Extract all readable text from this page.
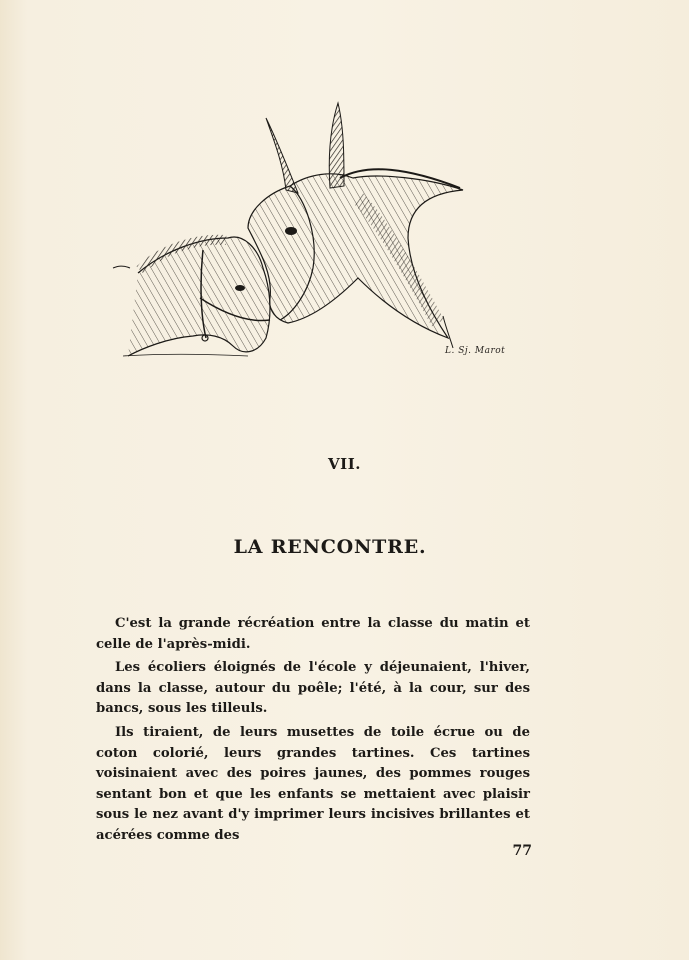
L. Sj. Marot
VII.
LA RENCONTRE.

C'est la grande récréation entre la classe du matin et celle de l'après-midi.

Les écoliers éloignés de l'école y déjeunaient, l'hiver, dans la classe, autour du poêle; l'été, à la cour, sur des bancs, sous les tilleuls.

Ils tiraient, de leurs musettes de toile écrue ou de coton colorié, leurs grandes tartines. Ces tartines voisinaient avec des poires jaunes, des pommes rouges sentant bon et que les enfants se mettaient avec plaisir sous le nez avant d'y imprimer leurs incisives brillantes et acérées comme des

77
